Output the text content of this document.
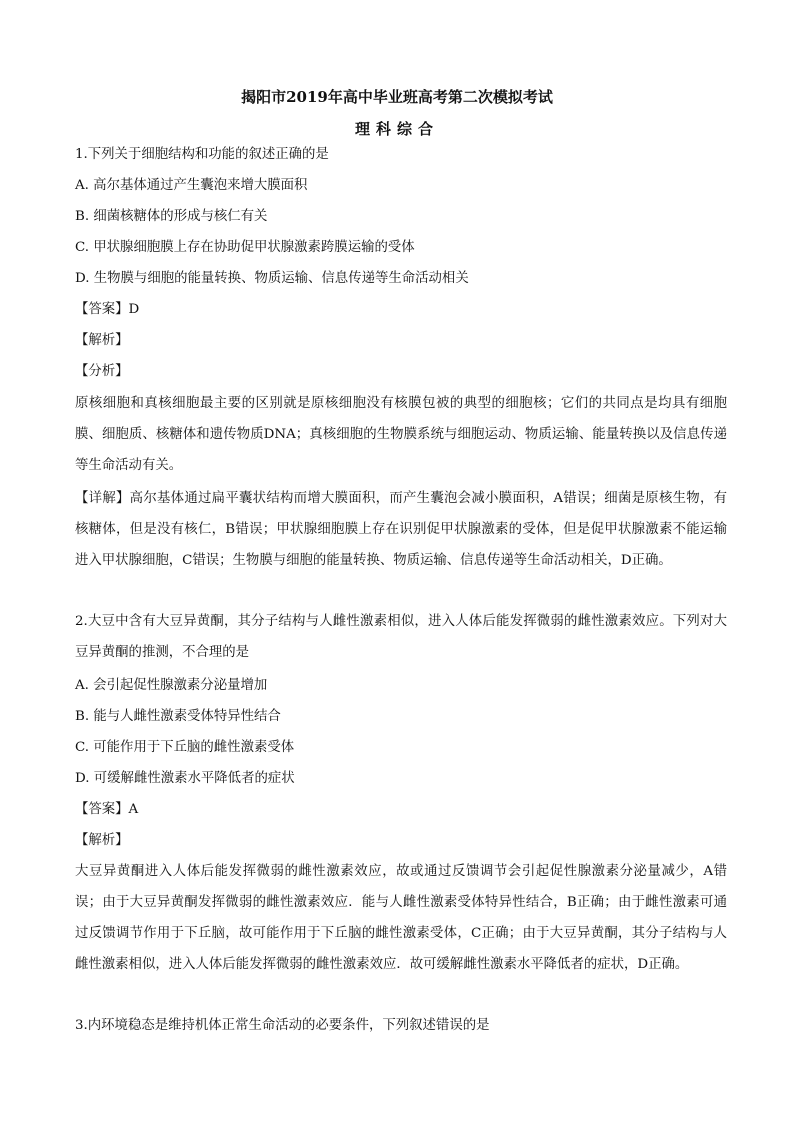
揭阳市2019年高中毕业班高考第二次模拟考试
理科综合
1.下列关于细胞结构和功能的叙述正确的是
A. 高尔基体通过产生囊泡来增大膜面积
B. 细菌核糖体的形成与核仁有关
C. 甲状腺细胞膜上存在协助促甲状腺激素跨膜运输的受体
D. 生物膜与细胞的能量转换、物质运输、信息传递等生命活动相关
【答案】D
【解析】
【分析】
原核细胞和真核细胞最主要的区别就是原核细胞没有核膜包被的典型的细胞核；它们的共同点是均具有细胞膜、细胞质、核糖体和遗传物质DNA；真核细胞的生物膜系统与细胞运动、物质运输、能量转换以及信息传递等生命活动有关。
【详解】高尔基体通过扁平囊状结构而增大膜面积，而产生囊泡会减小膜面积，A错误；细菌是原核生物，有核糖体，但是没有核仁，B错误；甲状腺细胞膜上存在识别促甲状腺激素的受体，但是促甲状腺激素不能运输进入甲状腺细胞，C错误；生物膜与细胞的能量转换、物质运输、信息传递等生命活动相关，D正确。
2.大豆中含有大豆异黄酮，其分子结构与人雌性激素相似，进入人体后能发挥微弱的雌性激素效应。下列对大豆异黄酮的推测，不合理的是
A. 会引起促性腺激素分泌量增加
B. 能与人雌性激素受体特异性结合
C. 可能作用于下丘脑的雌性激素受体
D. 可缓解雌性激素水平降低者的症状
【答案】A
【解析】
大豆异黄酮进入人体后能发挥微弱的雌性激素效应，故或通过反馈调节会引起促性腺激素分泌量减少，A错误；由于大豆异黄酮发挥微弱的雌性激素效应．能与人雌性激素受体特异性结合，B正确；由于雌性激素可通过反馈调节作用于下丘脑，故可能作用于下丘脑的雌性激素受体，C正确；由于大豆异黄酮，其分子结构与人雌性激素相似，进入人体后能发挥微弱的雌性激素效应．故可缓解雌性激素水平降低者的症状，D正确。
3.内环境稳态是维持机体正常生命活动的必要条件，下列叙述错误的是
